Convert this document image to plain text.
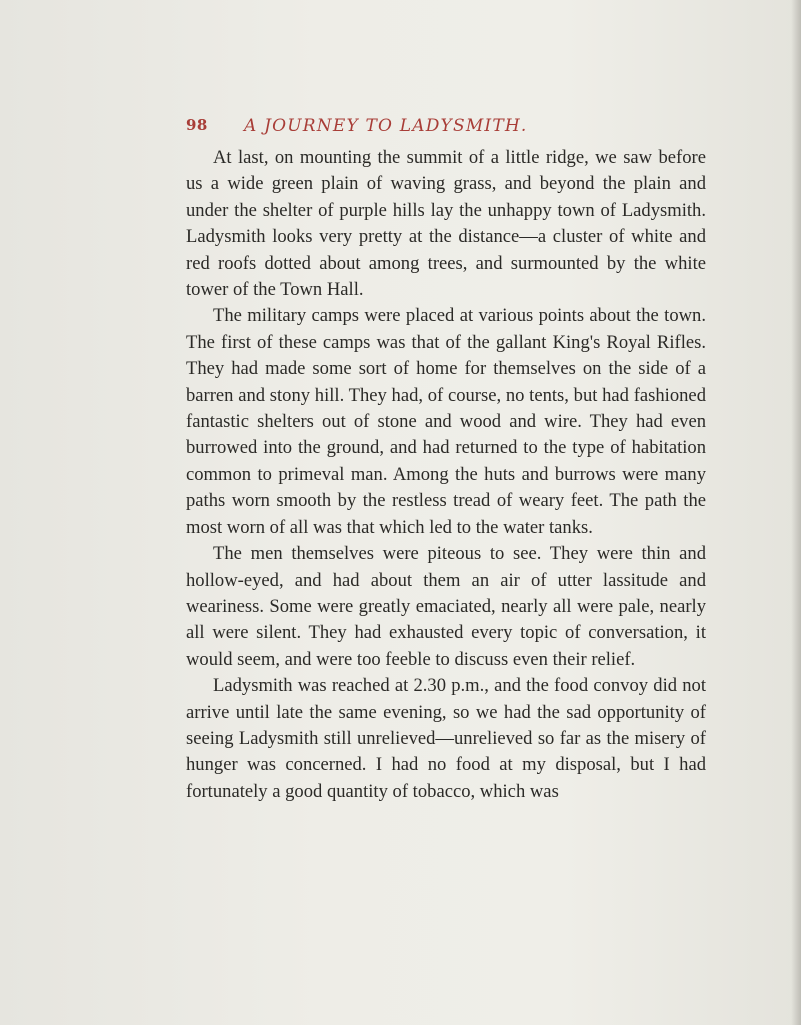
98 A JOURNEY TO LADYSMITH.

At last, on mounting the summit of a little ridge, we saw before us a wide green plain of waving grass, and beyond the plain and under the shelter of purple hills lay the unhappy town of Ladysmith. Ladysmith looks very pretty at the distance—a cluster of white and red roofs dotted about among trees, and surmounted by the white tower of the Town Hall.

The military camps were placed at various points about the town. The first of these camps was that of the gallant King's Royal Rifles. They had made some sort of home for themselves on the side of a barren and stony hill. They had, of course, no tents, but had fashioned fantastic shelters out of stone and wood and wire. They had even burrowed into the ground, and had returned to the type of habitation common to primeval man. Among the huts and burrows were many paths worn smooth by the restless tread of weary feet. The path the most worn of all was that which led to the water tanks.

The men themselves were piteous to see. They were thin and hollow-eyed, and had about them an air of utter lassitude and weariness. Some were greatly emaciated, nearly all were pale, nearly all were silent. They had exhausted every topic of conversation, it would seem, and were too feeble to discuss even their relief.

Ladysmith was reached at 2.30 p.m., and the food convoy did not arrive until late the same evening, so we had the sad opportunity of seeing Ladysmith still unrelieved—unrelieved so far as the misery of hunger was concerned. I had no food at my disposal, but I had fortunately a good quantity of tobacco, which was
